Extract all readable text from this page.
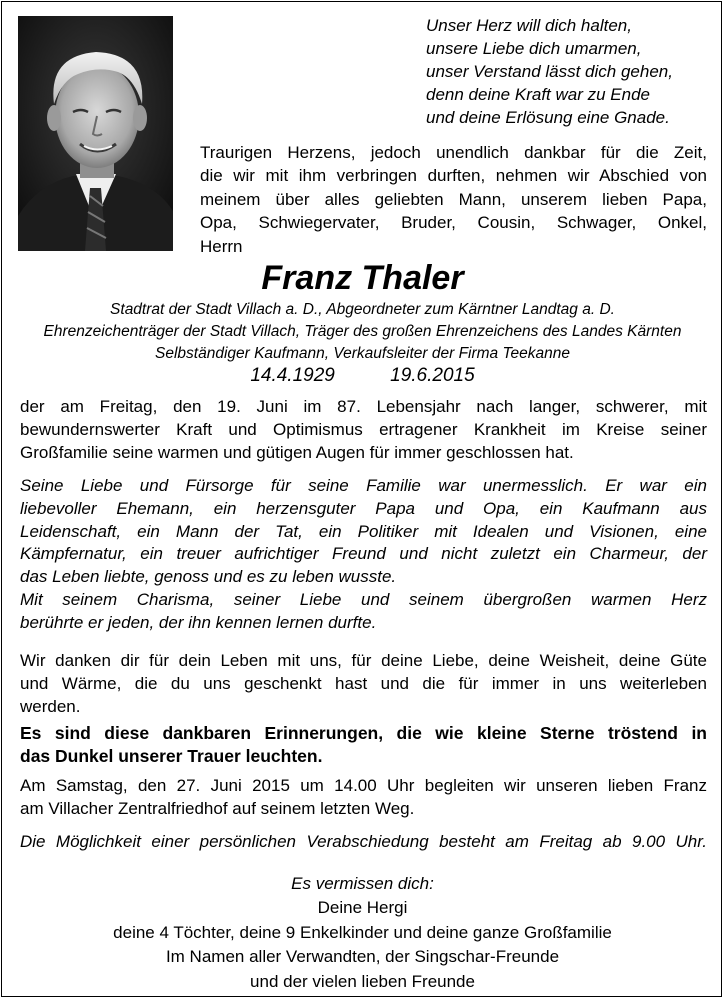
Unser Herz will dich halten,
unsere Liebe dich umarmen,
unser Verstand lässt dich gehen,
denn deine Kraft war zu Ende
und deine Erlösung eine Gnade.
Traurigen Herzens, jedoch unendlich dankbar für die Zeit,
die wir mit ihm verbringen durften, nehmen wir Abschied von
meinem über alles geliebten Mann, unserem lieben Papa,
Opa, Schwiegervater, Bruder, Cousin, Schwager, Onkel,
Herrn
Franz Thaler
Stadtrat der Stadt Villach a. D., Abgeordneter zum Kärntner Landtag a. D.
Ehrenzeichenträger der Stadt Villach, Träger des großen Ehrenzeichens des Landes Kärnten
Selbständiger Kaufmann, Verkaufsleiter der Firma Teekanne
14.4.1929	19.6.2015
der am Freitag, den 19. Juni im 87. Lebensjahr nach langer, schwerer, mit
bewundernswerter Kraft und Optimismus ertragener Krankheit im Kreise seiner
Großfamilie seine warmen und gütigen Augen für immer geschlossen hat.
Seine Liebe und Fürsorge für seine Familie war unermesslich. Er war ein
liebevoller Ehemann, ein herzensguter Papa und Opa, ein Kaufmann aus
Leidenschaft, ein Mann der Tat, ein Politiker mit Idealen und Visionen, eine
Kämpfernatur, ein treuer aufrichtiger Freund und nicht zuletzt ein Charmeur, der
das Leben liebte, genoss und es zu leben wusste.
Mit seinem Charisma, seiner Liebe und seinem übergroßen warmen Herz
berührte er jeden, der ihn kennen lernen durfte.
Wir danken dir für dein Leben mit uns, für deine Liebe, deine Weisheit, deine Güte
und Wärme, die du uns geschenkt hast und die für immer in uns weiterleben
werden.
Es sind diese dankbaren Erinnerungen, die wie kleine Sterne tröstend in
das Dunkel unserer Trauer leuchten.
Am Samstag, den 27. Juni 2015 um 14.00 Uhr begleiten wir unseren lieben Franz
am Villacher Zentralfriedhof auf seinem letzten Weg.
Die Möglichkeit einer persönlichen Verabschiedung besteht am Freitag ab 9.00 Uhr.
Es vermissen dich:
Deine Hergi
deine 4 Töchter, deine 9 Enkelkinder und deine ganze Großfamilie
Im Namen aller Verwandten, der Singschar-Freunde
und der vielen lieben Freunde
